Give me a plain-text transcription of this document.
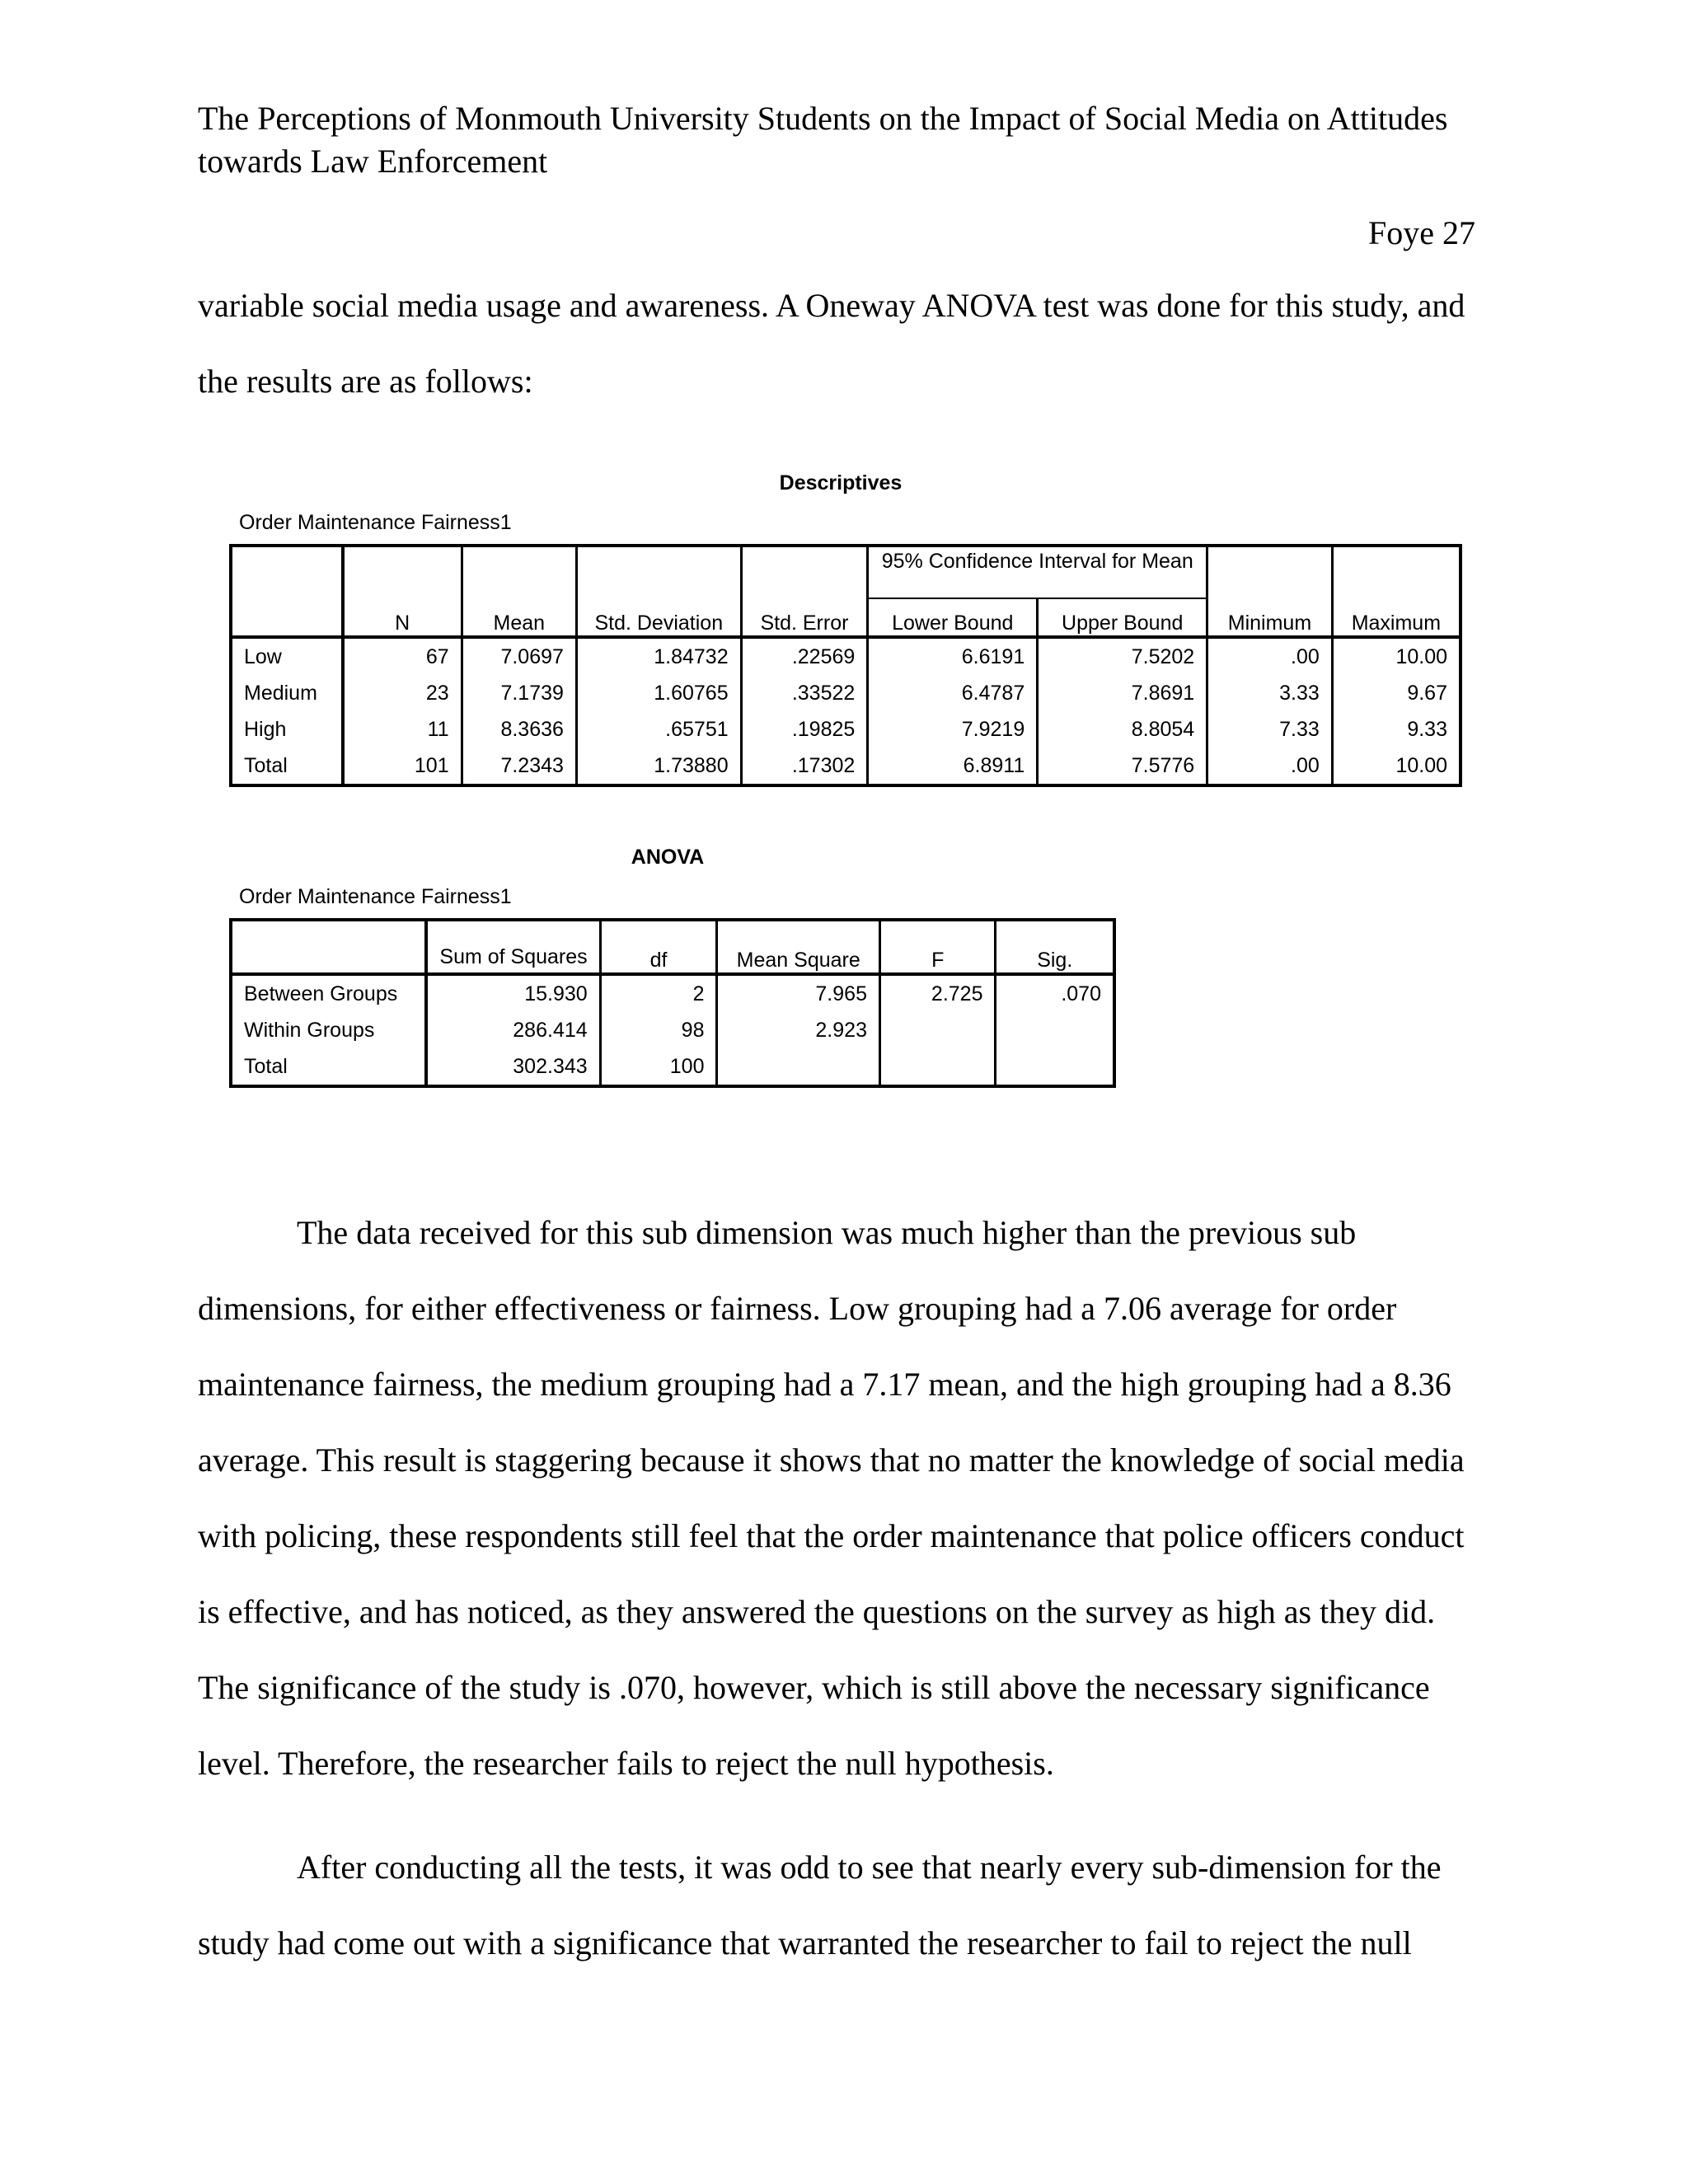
The Perceptions of Monmouth University Students on the Impact of Social Media on Attitudes towards Law Enforcement
Foye 27

variable social media usage and awareness. A Oneway ANOVA test was done for this study, and the results are as follows:

Descriptives
Order Maintenance Fairness1
					95% Confidence Interval for Mean			
	N	Mean	Std. Deviation	Std. Error	Lower Bound	Upper Bound	Minimum	Maximum
Low	67	7.0697	1.84732	.22569	6.6191	7.5202	.00	10.00
Medium	23	7.1739	1.60765	.33522	6.4787	7.8691	3.33	9.67
High	11	8.3636	.65751	.19825	7.9219	8.8054	7.33	9.33
Total	101	7.2343	1.73880	.17302	6.8911	7.5776	.00	10.00
ANOVA
Order Maintenance Fairness1
	Sum of Squares	df	Mean Square	F	Sig.
Between Groups	15.930	2	7.965	2.725	.070
Within Groups	286.414	98	2.923		
Total	302.343	100			

The data received for this sub dimension was much higher than the previous sub dimensions, for either effectiveness or fairness. Low grouping had a 7.06 average for order maintenance fairness, the medium grouping had a 7.17 mean, and the high grouping had a 8.36 average. This result is staggering because it shows that no matter the knowledge of social media with policing, these respondents still feel that the order maintenance that police officers conduct is effective, and has noticed, as they answered the questions on the survey as high as they did. The significance of the study is .070, however, which is still above the necessary significance level. Therefore, the researcher fails to reject the null hypothesis.

After conducting all the tests, it was odd to see that nearly every sub-dimension for the study had come out with a significance that warranted the researcher to fail to reject the null
